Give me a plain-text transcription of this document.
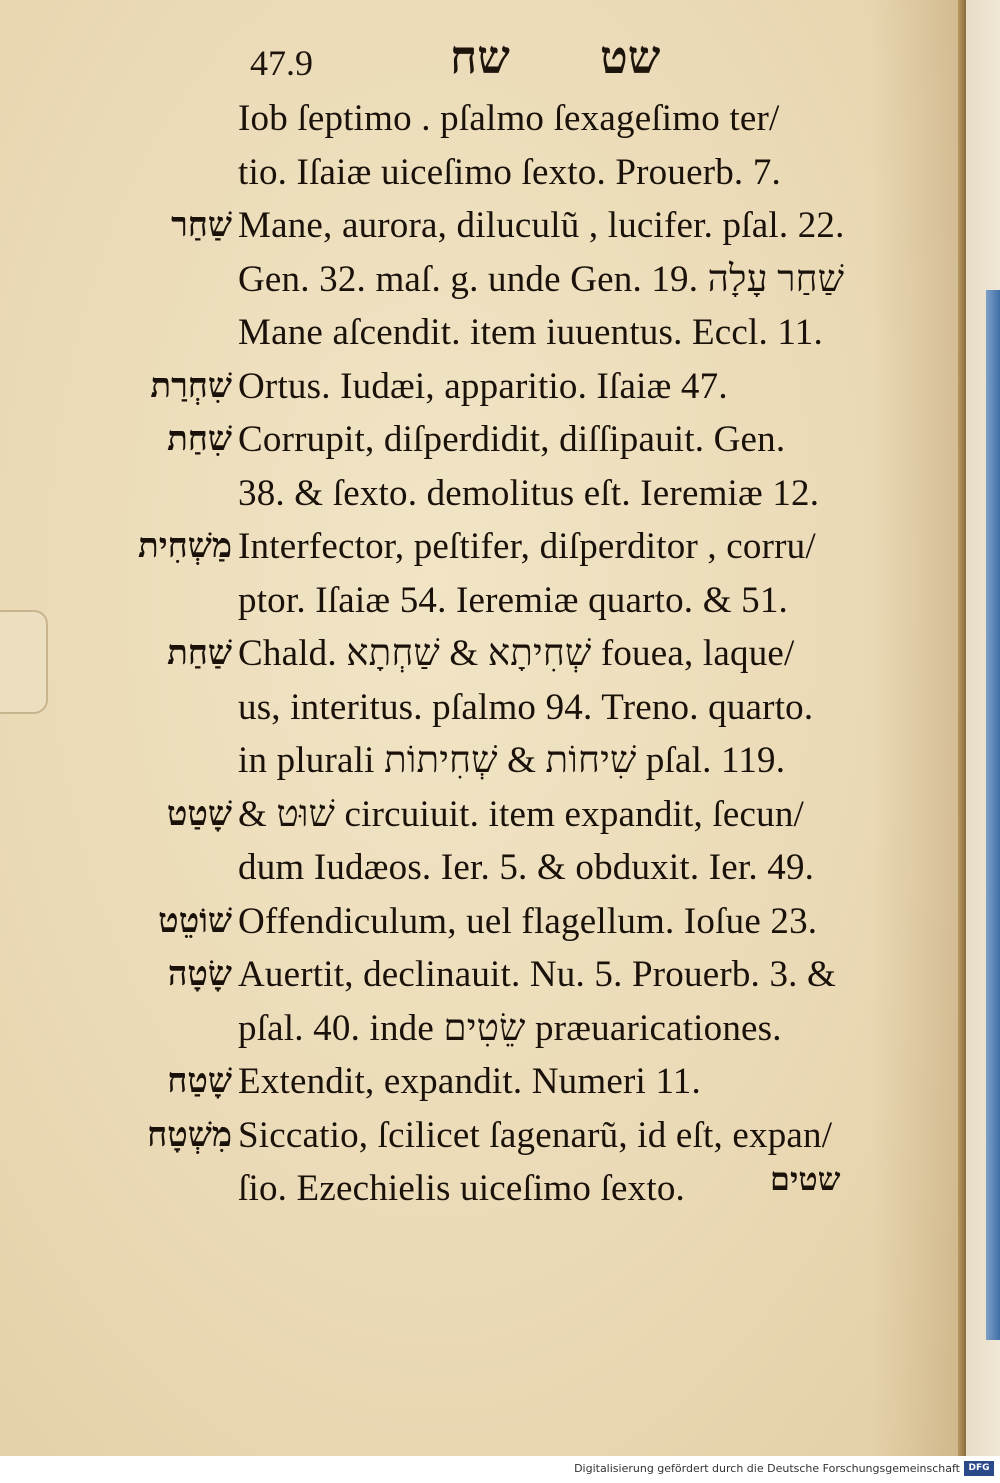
47.9	שח שט
Iob ſeptimo . pſalmo ſexageſimo ter/
tio. Iſaiæ uiceſimo ſexto. Prouerb. 7.
שַׁחַר Mane, aurora, diluculũ , lucifer. pſal. 22.
Gen. 32. maſ. g. unde Gen. 19. שַׁחַר עָלָה
Mane aſcendit. item iuuentus. Eccl. 11.
שִׁחְרַת Ortus. Iudæi, apparitio. Iſaiæ 47.
שִׁחַת Corrupit, diſperdidit, diſſipauit. Gen.
38. & ſexto. demolitus eſt. Ieremiæ 12.
מַשְׁחִית Interfector, peſtifer, diſperditor , corru/
ptor. Iſaiæ 54. Ieremiæ quarto. & 51.
שַׁחַת Chald. שְׁחִיתָא & שַׁחְתָא fouea, laque/
us, interitus. pſalmo 94. Treno. quarto.
in plurali שִׁיחוֹת & שְׁחִיתוֹת pſal. 119.
שָׁטַט & שׁוּט circuiuit. item expandit, ſecun/
dum Iudæos. Ier. 5. & obduxit. Ier. 49.
שׁוֹטֵט Offendiculum, uel flagellum. Ioſue 23.
שָׂטָה Auertit, declinauit. Nu. 5. Prouerb. 3. &
pſal. 40. inde שֵׂטִים præuaricationes.
שָׁטַח Extendit, expandit. Numeri 11.
מִשְׁטָח Siccatio, ſcilicet ſagenarũ, id eſt, expan/
ſio. Ezechielis uiceſimo ſexto.	שטים
Digitalisierung gefördert durch die Deutsche Forschungsgemeinschaft DFG
